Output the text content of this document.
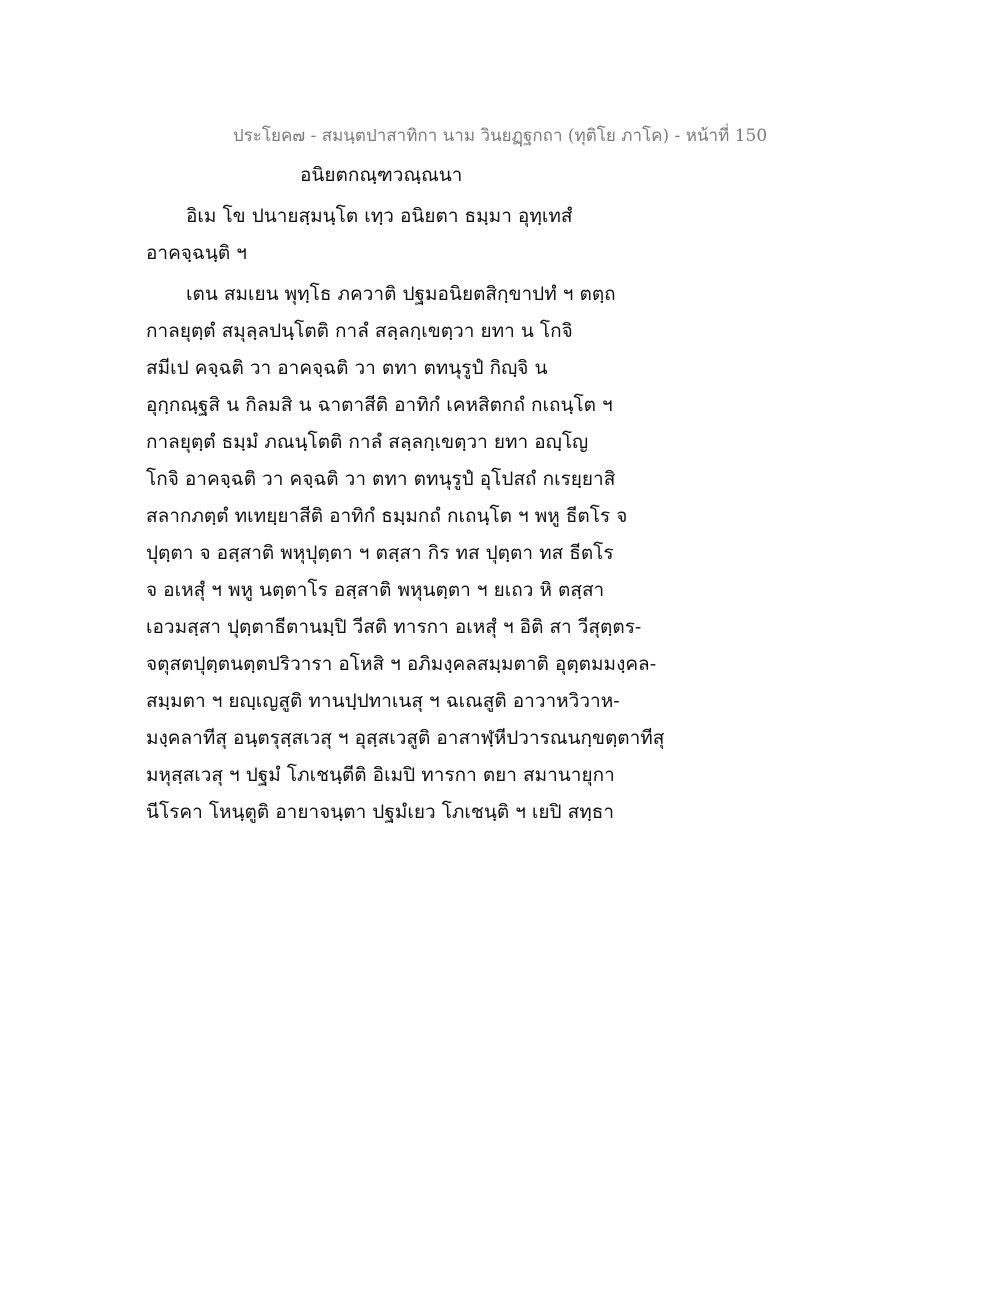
ประโยค๗ - สมนฺตปาสาทิกา นาม วินยฏฺฐกถา (ทุติโย ภาโค) - หน้าที่ 150
อนิยตกณฺฑวณฺณนา
อิเม โข ปนายสฺมนฺโต เทฺว อนิยตา ธมฺมา อุทฺเทสํ
อาคจฺฉนฺติ ฯ
เตน สมเยน พุทฺโธ ภควาติ ปฐมอนิยตสิกฺขาปทํ ฯ ตตฺถ
กาลยุตฺตํ สมุลฺลปนฺโตติ กาลํ สลฺลกฺเขตฺวา ยทา น โกจิ
สมีเป คจฺฉติ วา อาคจฺฉติ วา ตทา ตทนุรูปํ กิญฺจิ น
อุกฺกณฺฐสิ น กิลมสิ น ฉาตาสีติ อาทิกํ เคหสิตกถํ กเถนฺโต ฯ
กาลยุตฺตํ ธมฺมํ ภณนฺโตติ กาลํ สลฺลกฺเขตฺวา ยทา อญฺโญ
โกจิ อาคจฺฉติ วา คจฺฉติ วา ตทา ตทนุรูปํ อุโปสถํ กเรยฺยาสิ
สลากภตฺตํ ทเทยฺยาสีติ อาทิกํ ธมฺมกถํ กเถนฺโต ฯ พหู ธีตโร จ
ปุตฺตา จ อสฺสาติ พหุปุตฺตา ฯ ตสฺสา กิร ทส ปุตฺตา ทส ธีตโร
จ อเหสุํ ฯ พหู นตฺตาโร อสฺสาติ พหุนตฺตา ฯ ยเถว หิ ตสฺสา
เอวมสฺสา ปุตฺตาธีตานมฺปิ วีสติ ทารกา อเหสุํ ฯ อิติ สา วีสุตฺตร-
จตุสตปุตฺตนตฺตปริวารา อโหสิ ฯ อภิมงฺคลสมฺมตาติ อุตฺตมมงฺคล-
สมฺมตา ฯ ยญฺเญสูติ ทานปฺปทาเนสุ ฯ ฉเณสูติ อาวาหวิวาห-
มงฺคลาทีสุ อนฺตรุสฺสเวสุ ฯ อุสฺสเวสูติ อาสาฬฺหีปวารณนกฺขตฺตาทีสุ
มหุสฺสเวสุ ฯ ปฐมํ โภเชนฺตีติ อิเมปิ ทารกา ตยา สมานายุกา
นีโรคา โหนฺตูติ อายาจนฺตา ปฐมํเยว โภเชนฺติ ฯ เยปิ สทฺธา
